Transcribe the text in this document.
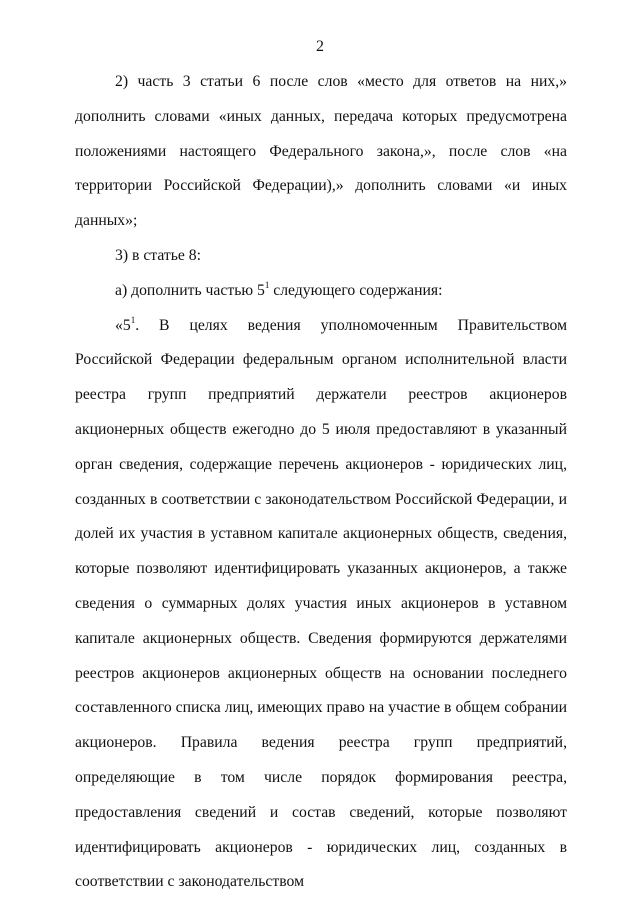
2

2) часть 3 статьи 6 после слов «место для ответов на них,» дополнить словами «иных данных, передача которых предусмотрена положениями настоящего Федерального закона,», после слов «на территории Российской Федерации),» дополнить словами «и иных данных»;

3) в статье 8:

а) дополнить частью $5^1$ следующего содержания:

«$5^1$. В целях ведения уполномоченным Правительством Российской Федерации федеральным органом исполнительной власти реестра групп предприятий держатели реестров акционеров акционерных обществ ежегодно до 5 июля предоставляют в указанный орган сведения, содержащие перечень акционеров - юридических лиц, созданных в соответствии с законодательством Российской Федерации, и долей их участия в уставном капитале акционерных обществ, сведения, которые позволяют идентифицировать указанных акционеров, а также сведения о суммарных долях участия иных акционеров в уставном капитале акционерных обществ. Сведения формируются держателями реестров акционеров акционерных обществ на основании последнего составленного списка лиц, имеющих право на участие в общем собрании акционеров. Правила ведения реестра групп предприятий, определяющие в том числе порядок формирования реестра, предоставления сведений и состав сведений, которые позволяют идентифицировать акционеров - юридических лиц, созданных в соответствии с законодательством
